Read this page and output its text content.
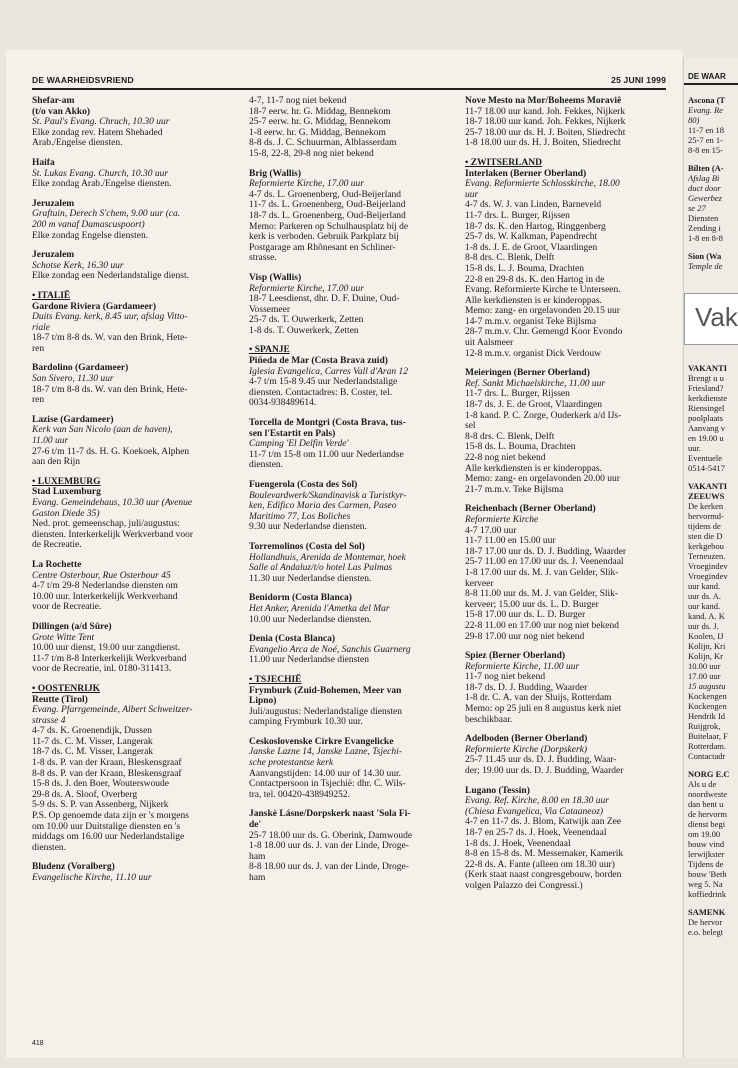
DE WAARHEIDSVRIEND	25 JUNI 1999
Shefar-am
(t/o van Akko)
St. Paul's Evang. Chruch, 10.30 uur
Elke zondag rev. Hatem Shehaded
Arab./Engelse diensten.
Haifa
St. Lukas Evang. Church, 10.30 uur
Elke zondag Arab./Engelse diensten.
Jeruzalem
Graftuin, Derech S'chem, 9.00 uur (ca.
200 m vanaf Damascuspoort)
Elke zondag Engelse diensten.
Jeruzalem
Schotse Kerk, 16.30 uur
Elke zondag een Nederlandstalige dienst.
• ITALIË
Gardone Riviera (Gardameer)
Duits Evang. kerk, 8.45 uur, afslag Vitto-
riale
18-7 t/m 8-8 ds. W. van den Brink, Hete-
ren
Bardolino (Gardameer)
San Sivero, 11.30 uur
18-7 t/m 8-8 ds. W. van den Brink, Hete-
ren
Lazise (Gardameer)
Kerk van San Nicolo (aan de haven),
11.00 uur
27-6 t/m 11-7 ds. H. G. Koekoek, Alphen
aan den Rijn
• LUXEMBURG
Stad Luxemburg
Evang. Gemeindehaus, 10.30 uur (Avenue
Gaston Diede 35)
Ned. prot. gemeenschap, juli/augustus:
diensten. Interkerkelijk Werkverband voor
de Recreatie.
La Rochette
Centre Osterbour, Rue Osterbour 45
4-7 t/m 29-8 Nederlandse diensten om
10.00 uur. Interkerkelijk Werkverband
voor de Recreatie.
Dillingen (a/d Sûre)
Grote Witte Tent
10.00 uur dienst, 19.00 uur zangdienst.
11-7 t/m 8-8 Interkerkelijk Werkverband
voor de Recreatie, inl. 0180-311413.
• OOSTENRIJK
Reutte (Tirol)
Evang. Pfarrgemeinde, Albert Schweitzer-
strasse 4
4-7 ds. K. Groenendijk, Dussen
11-7 ds. C. M. Visser, Langerak
18-7 ds. C. M. Visser, Langerak
1-8 ds. P. van der Kraan, Bleskensgraaf
8-8 ds. P. van der Kraan, Bleskensgraaf
15-8 ds. J. den Boer, Wouterswoude
29-8 ds. A. Sloof, Overberg
5-9 ds. S. P. van Assenberg, Nijkerk
P.S. Op genoemde data zijn er 's morgens
om 10.00 uur Duitstalige diensten en 's
middags om 16.00 uur Nederlandstalige
diensten.
Bludenz (Voralberg)
Evangelische Kirche, 11.10 uur
4-7, 11-7 nog niet bekend
18-7 eerw. hr. G. Middag, Bennekom
25-7 eerw. hr. G. Middag, Bennekom
1-8 eerw. hr. G. Middag, Bennekom
8-8 ds. J. C. Schuurman, Alblasserdam
15-8, 22-8, 29-8 nog niet bekend
Brig (Wallis)
Reformierte Kirche, 17.00 uur
4-7 ds. L. Groenenberg, Oud-Beijerland
11-7 ds. L. Groenenberg, Oud-Beijerland
18-7 ds. L. Groenenberg, Oud-Beijerland
Memo: Parkeren op Schulhausplatz bij de
kerk is verboden. Gebruik Parkplatz bij
Postgarage am Rhônesant en Schliner-
strasse.
Visp (Wallis)
Reformierte Kirche, 17.00 uur
18-7 Leesdienst, dhr. D. F. Duine, Oud-
Vossemeer
25-7 ds. T. Ouwerkerk, Zetten
1-8 ds. T. Ouwerkerk, Zetten
• SPANJE
Piñeda de Mar (Costa Brava zuid)
Iglesia Evangelica, Carres Vall d'Aran 12
4-7 t/m 15-8 9.45 uur Nederlandstalige
diensten. Contactadres: B. Coster, tel.
0034-938489614.
Torcella de Montgri (Costa Brava, tus-
sen l'Estartit en Pals)
Camping 'El Delfin Verde'
11-7 t/m 15-8 om 11.00 uur Nederlandse
diensten.
Fuengerola (Costa des Sol)
Boulevardwerk/Skandinavisk a Turistkyr-
ken, Edifico Maria des Carmen, Paseo
Maritimo 77, Los Boliches
9.30 uur Nederlandse diensten.
Torremolinos (Costa del Sol)
Hollandhuis, Arenida de Montemar, hoek
Salle al Andaluz/t/o hotel Las Palmas
11.30 uur Nederlandse diensten.
Benidorm (Costa Blanca)
Het Anker, Arenida l'Ametka del Mar
10.00 uur Nederlandse diensten.
Denia (Costa Blanca)
Evangelio Arca de Noé, Sanchis Guarnerg
11.00 uur Nederlandse diensten
• TSJECHIË
Frymburk (Zuid-Bohemen, Meer van
Lipno)
Juli/augustus: Nederlandstalige diensten
camping Frymburk 10.30 uur.
Ceskoslovenske Cirkre Evangelicke
Janske Lazne 14, Janske Lazne, Tsjechi-
sche protestantse kerk
Aanvangstijden: 14.00 uur of 14.30 uur.
Contactpersoon in Tsjechië: dhr. C. Wils-
tra, tel. 00420-438949252.
Janskè Lásne/Dorpskerk naast 'Sola Fi-
de'
25-7 18.00 uur ds. G. Oberink, Damwoude
1-8 18.00 uur ds. J. van der Linde, Droge-
ham
8-8 18.00 uur ds. J. van der Linde, Droge-
ham
Nove Mesto na Mor/Boheems Moraviê
11-7 18.00 uur kand. Joh. Fekkes, Nijkerk
18-7 18.00 uur kand. Joh. Fekkes, Nijkerk
25-7 18.00 uur ds. H. J. Boiten, Sliedrecht
1-8 18.00 uur ds. H. J. Boiten, Sliedrecht
• ZWITSERLAND
Interlaken (Berner Oberland)
Evang. Reformierte Schlosskirche, 18.00
uur
4-7 ds. W. J. van Linden, Barneveld
11-7 drs. L. Burger, Rijssen
18-7 ds. K. den Hartog, Ringgenberg
25-7 ds. W. Kalkman, Papendrecht
1-8 ds. J. E. de Groot, Vlaardingen
8-8 drs. C. Blenk, Delft
15-8 ds. L. J. Bouma, Drachten
22-8 en 29-8 ds. K. den Hartog in de
Evang. Reformierte Kirche te Unterseen.
Alle kerkdiensten is er kinderoppas.
Memo: zang- en orgelavonden 20.15 uur
14-7 m.m.v. organist Teke Bijlsma
28-7 m.m.v. Chr. Gemengd Koor Evondo
uit Aalsmeer
12-8 m.m.v. organist Dick Verdouw
Meieringen (Berner Oberland)
Ref. Sankt Michaelskirche, 11.00 uur
11-7 drs. L. Burger, Rijssen
18-7 ds. J. E. de Groot, Vlaardingen
1-8 kand. P. C. Zorge, Ouderkerk a/d IJs-
sel
8-8 drs. C. Blenk, Delft
15-8 ds. L. Bouma, Drachten
22-8 nog niet bekend
Alle kerkdiensten is er kinderoppas.
Memo: zang- en orgelavonden 20.00 uur
21-7 m.m.v. Teke Bijlsma
Reichenbach (Berner Oberland)
Reformierte Kirche
4-7 17.00 uur
11-7 11.00 en 15.00 uur
18-7 17.00 uur ds. D. J. Budding, Waarder
25-7 11.00 en 17.00 uur ds. J. Veenendaal
1-8 17.00 uur ds. M. J. van Gelder, Slik-
kerveer
8-8 11.00 uur ds. M. J. van Gelder, Slik-
kerveer; 15.00 uur ds. L. D. Burger
15-8 17.00 uur ds. L. D. Burger
22-8 11.00 en 17.00 uur nog niet bekend
29-8 17.00 uur nog niet bekend
Spiez (Berner Oberland)
Reformierte Kirche, 11.00 uur
11-7 nog niet bekend
18-7 ds. D. J. Budding, Waarder
1-8 dr. C. A. van der Sluijs, Rotterdam
Memo: op 25 juli en 8 augustus kerk niet
beschikbaar.
Adelboden (Berner Oberland)
Reformierte Kirche (Dorpskerk)
25-7 11.45 uur ds. D. J. Budding, Waar-
der; 19.00 uur ds. D. J. Budding, Waarder
Lugano (Tessin)
Evang. Ref. Kirche, 8.00 en 18.30 uur
(Chiesa Evangelica, Via Cataaneoz)
4-7 en 11-7 ds. J. Blom, Katwijk aan Zee
18-7 en 25-7 ds. J. Hoek, Veenendaal
1-8 ds. J. Hoek, Veenendaal
8-8 en 15-8 ds. M. Messemaker, Kamerik
22-8 ds. A. Fante (alleen om 18.30 uur)
(Kerk staat naast congresgebouw, borden
volgen Palazzo dei Congressi.)
418
DE WAAR
Ascona (T
Evang. Re
80)
11-7 en 18
25-7 en 1-
8-8 en 15-
Bilten (A-
Afslag Bi
duct door
Gewerbez
se 27
Diensten
Zending i
1-8 en 8-8
Sion (Wa
Temple de
Vak
VAKANTI
Brengt u u
Friesland?
kerkdienste
Riensingel
poolplaats
Aanvang v
en 19.00 u
uur.
Eventuele
0514-5417
VAKANTI
ZEEUWS
De kerken
hervormd-
tijdens de
sten die D
kerkgebou
Terneuzen.
Vroegindev
Vroegindev
uur kand.
uur ds. A.
uur kand.
kand. A. K
uur ds. J.
Koolen, IJ
Kolijn, Kri
Kolijn, Kr
10.00 uur
17.00 uur
15 augustu
Kockengen
Kockengen
Hendrik Id
Ruijgrok,
Buitelaar, F
Rotterdam.
Contactadr
NORG E.C
Als u de
noordweste
dan bent u
de hervorm
dienst begi
om 19.00
bouw vind
lerwijkster
Tijdens de
bouw 'Beth
weg 5. Na
koffiedrink
SAMENK
De hervor
e.o. belegt
